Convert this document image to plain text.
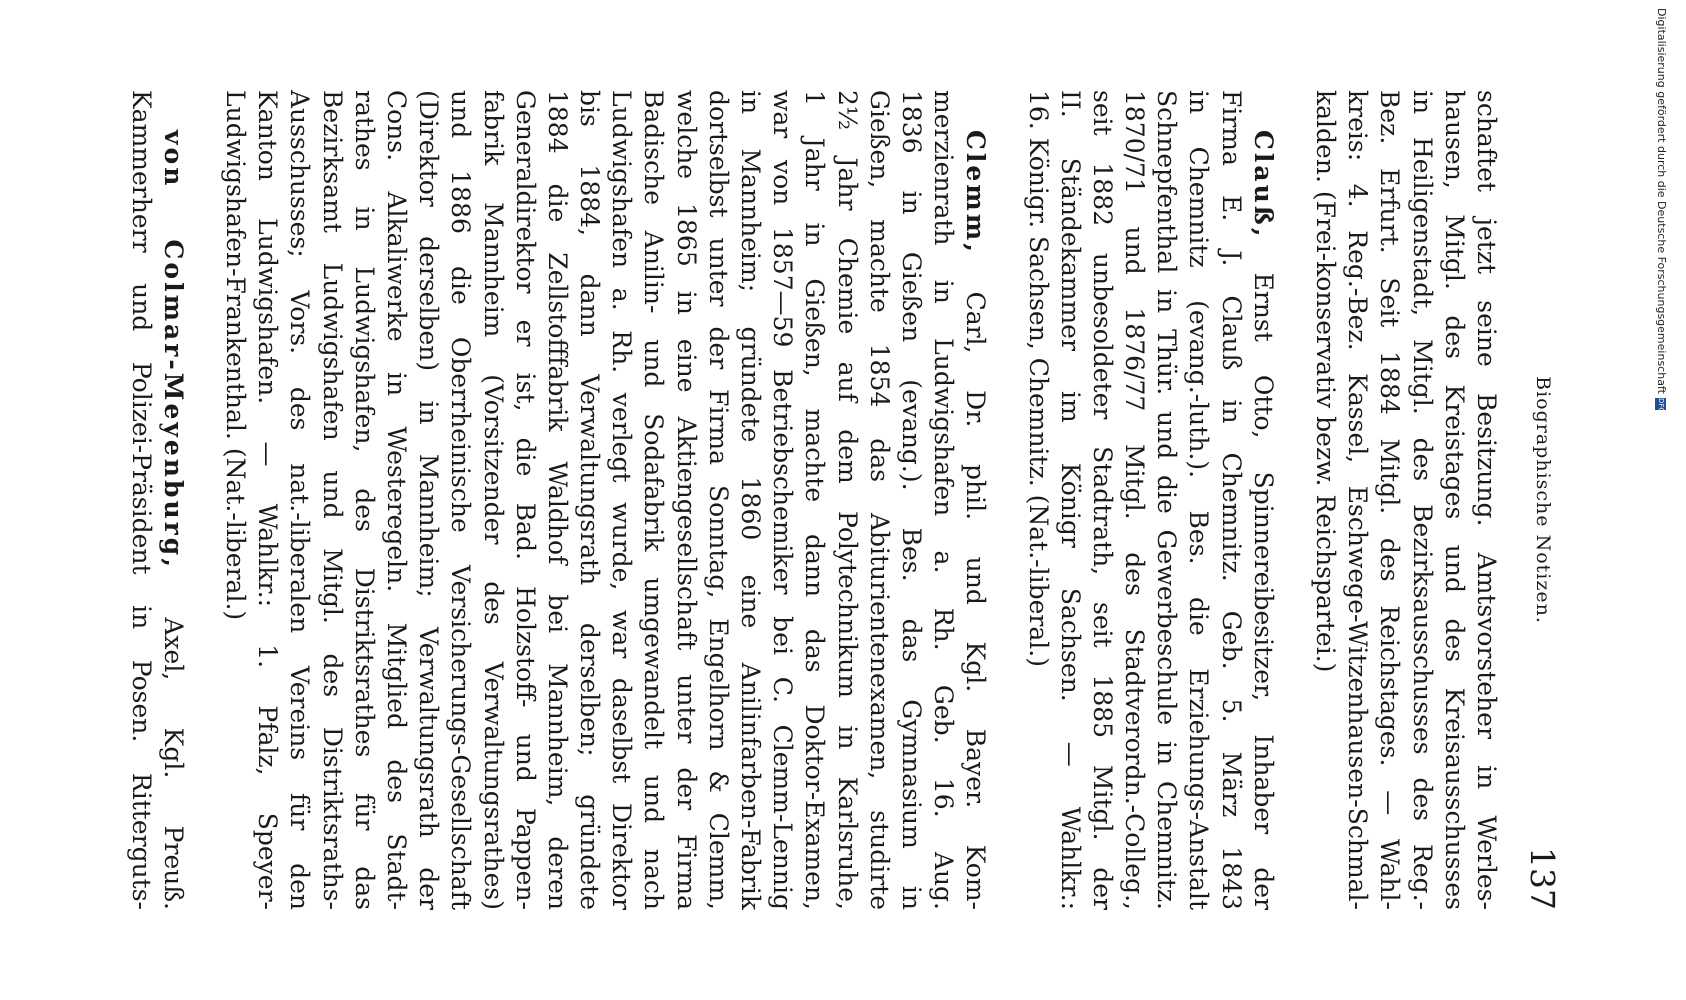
Biographische Notizen.
137
schaftet jetzt seine Besitzung. Amtsvorsteher in Werles-
hausen, Mitgl. des Kreistages und des Kreisausschusses
in Heiligenstadt, Mitgl. des Bezirksausschusses des Reg.-
Bez. Erfurt. Seit 1884 Mitgl. des Reichstages. — Wahl-
kreis: 4. Reg.-Bez. Kassel, Eschwege-Witzenhausen-Schmal-
kalden. (Frei-konservativ bezw. Reichspartei.)
Clauß, Ernst Otto, Spinnereibesitzer, Inhaber der
Firma E. J. Clauß in Chemnitz. Geb. 5. März 1843
in Chemnitz (evang.-luth.). Bes. die Erziehungs-Anstalt
Schnepfenthal in Thür. und die Gewerbeschule in Chemnitz.
1870/71 und 1876/77 Mitgl. des Stadtverordn.-Colleg.,
seit 1882 unbesoldeter Stadtrath, seit 1885 Mitgl. der
II. Ständekammer im Königr Sachsen. — Wahlkr.:
16. Königr. Sachsen, Chemnitz. (Nat.-liberal.)
Clemm, Carl, Dr. phil. und Kgl. Bayer. Kom-
merzienrath in Ludwigshafen a. Rh. Geb. 16. Aug.
1836 in Gießen (evang.). Bes. das Gymnasium in
Gießen, machte 1854 das Abiturientenexamen, studirte
2½ Jahr Chemie auf dem Polytechnikum in Karlsruhe,
1 Jahr in Gießen, machte dann das Doktor-Examen,
war von 1857—59 Betriebschemiker bei C. Clemm-Lennig
in Mannheim; gründete 1860 eine Anilinfarben-Fabrik
dortselbst unter der Firma Sonntag, Engelhorn & Clemm,
welche 1865 in eine Aktiengesellschaft unter der Firma
Badische Anilin- und Sodafabrik umgewandelt und nach
Ludwigshafen a. Rh. verlegt wurde, war daselbst Direktor
bis 1884, dann Verwaltungsrath derselben; gründete
1884 die Zellstofffabrik Waldhof bei Mannheim, deren
Generaldirektor er ist, die Bad. Holzstoff- und Pappen-
fabrik Mannheim (Vorsitzender des Verwaltungsrathes)
und 1886 die Oberrheinische Versicherungs-Gesellschaft
(Direktor derselben) in Mannheim; Verwaltungsrath der
Cons. Alkaliwerke in Westeregeln. Mitglied des Stadt-
rathes in Ludwigshafen, des Distriktsrathes für das
Bezirksamt Ludwigshafen und Mitgl. des Distriktsraths-
Ausschusses; Vors. des nat.-liberalen Vereins für den
Kanton Ludwigshafen. — Wahlkr.: 1. Pfalz, Speyer-
Ludwigshafen-Frankenthal. (Nat.-liberal.)
von Colmar-Meyenburg, Axel, Kgl. Preuß.
Kammerherr und Polizei-Präsident in Posen. Ritterguts-	Digitalisierung gefördert durch die Deutsche ForschungsgemeinschaftDFG
